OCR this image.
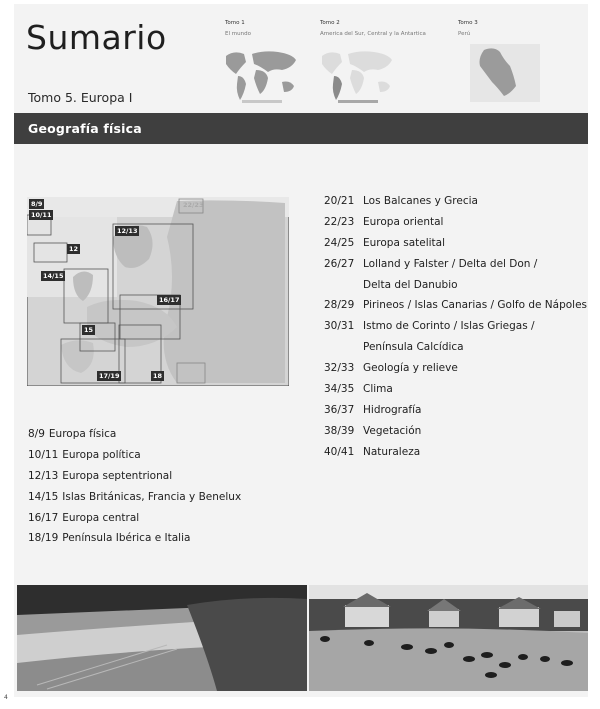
Sumario
Tomo 5. Europa I
Tomo 1
El mundo
Tomo 2
America del Sur, Central y la Antartica
Tomo 3
Perú
Geografía física
8/9
10/11
22/23
12
12/13
14/15
16/17
15
17/19	18
8/9 Europa física
10/11 Europa política
12/13 Europa septentrional
14/15 Islas Británicas, Francia y Benelux
16/17 Europa central
18/19 Península Ibérica e Italia
20/21 Los Balcanes y Grecia
22/23 Europa oriental
24/25 Europa satelital
26/27 Lolland y Falster / Delta del Don /
Delta del Danubio
28/29 Pirineos / Islas Canarias / Golfo de Nápoles
30/31 Istmo de Corinto / Islas Griegas /
Península Calcídica
32/33 Geología y relieve
34/35 Clima
36/37 Hidrografía
38/39 Vegetación
40/41 Naturaleza
4
